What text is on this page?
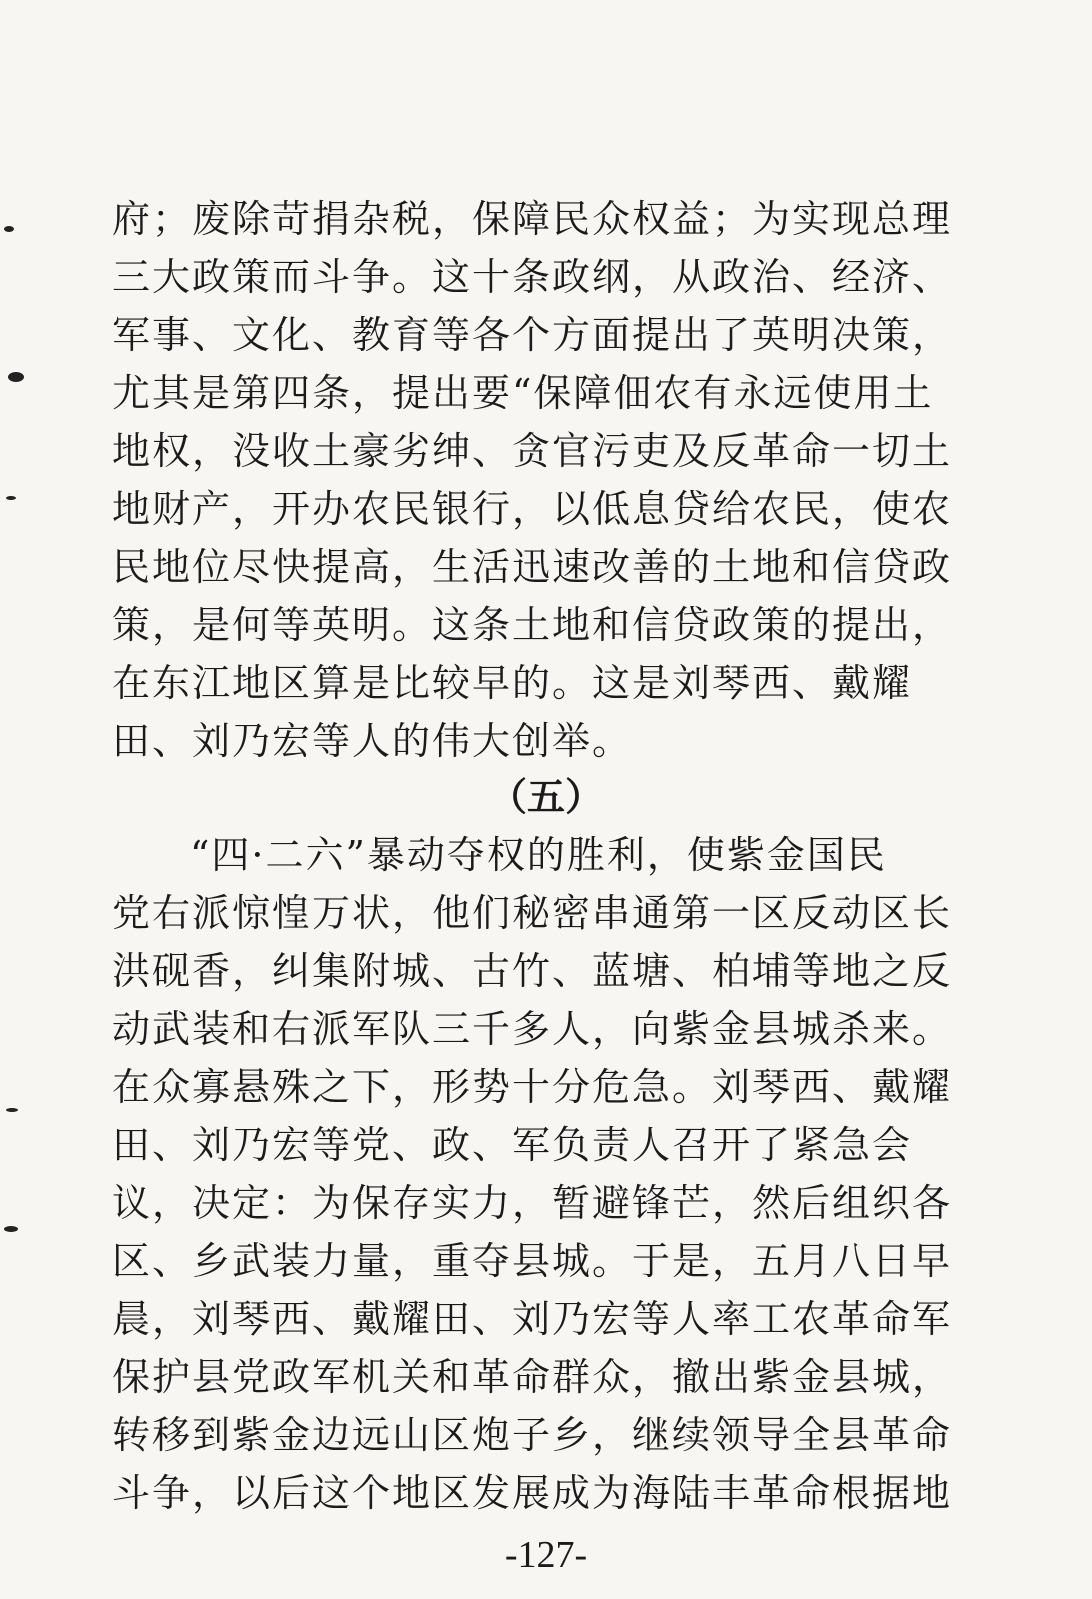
府；废除苛捐杂税，保障民众权益；为实现总理
三大政策而斗争。这十条政纲，从政治、经济、
军事、文化、教育等各个方面提出了英明决策，
尤其是第四条，提出要“保障佃农有永远使用土
地权，没收土豪劣绅、贪官污吏及反革命一切土
地财产，开办农民银行，以低息贷给农民，使农
民地位尽快提高，生活迅速改善的土地和信贷政
策，是何等英明。这条土地和信贷政策的提出，
在东江地区算是比较早的。这是刘琴西、戴耀
田、刘乃宏等人的伟大创举。
（五）
“四·二六”暴动夺权的胜利，使紫金国民
党右派惊惶万状，他们秘密串通第一区反动区长
洪砚香，纠集附城、古竹、蓝塘、柏埔等地之反
动武装和右派军队三千多人，向紫金县城杀来。
在众寡悬殊之下，形势十分危急。刘琴西、戴耀
田、刘乃宏等党、政、军负责人召开了紧急会
议，决定：为保存实力，暂避锋芒，然后组织各
区、乡武装力量，重夺县城。于是，五月八日早
晨，刘琴西、戴耀田、刘乃宏等人率工农革命军
保护县党政军机关和革命群众，撤出紫金县城，
转移到紫金边远山区炮子乡，继续领导全县革命
斗争，以后这个地区发展成为海陆丰革命根据地
-127-
